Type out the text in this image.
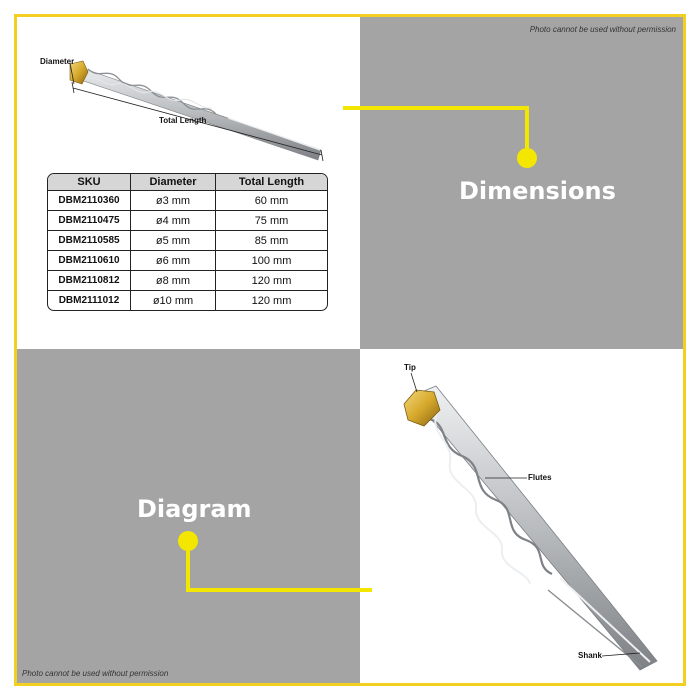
Photo cannot be used without permission
Photo cannot be used without permission
Diameter
Total Length
Tip
Flutes
Shank
Dimensions
Diagram
SKU	Diameter	Total Length
DBM2110360	ø3 mm	60 mm
DBM2110475	ø4 mm	75 mm
DBM2110585	ø5 mm	85 mm
DBM2110610	ø6 mm	100 mm
DBM2110812	ø8 mm	120 mm
DBM2111012	ø10 mm	120 mm
